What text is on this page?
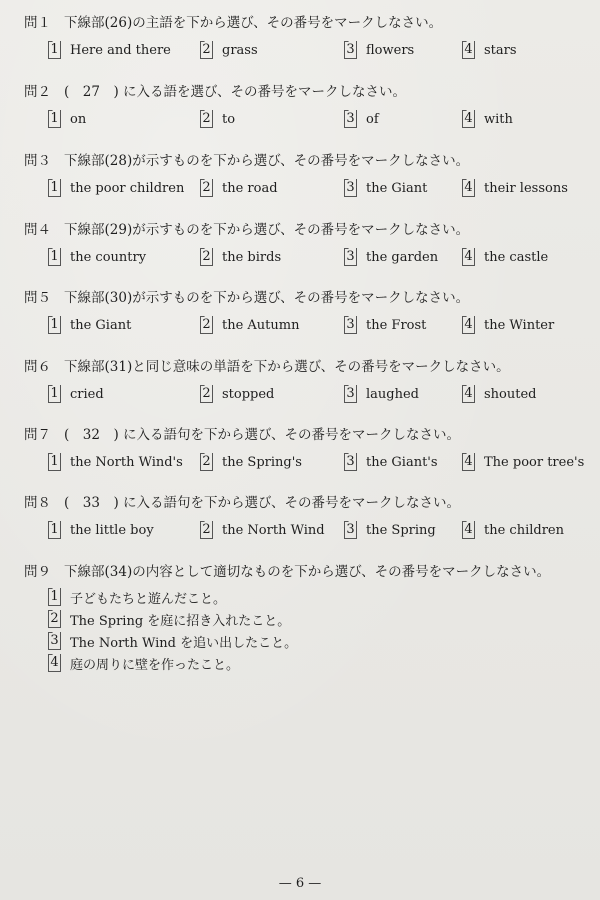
問１ 下線部(26)の主語を下から選び、その番号をマークしなさい。
1 Here and there 2 grass	3 flowers	4 stars
問２ (　27　) に入る語を選び、その番号をマークしなさい。
1 on	2 to	3 of	4 with
問３ 下線部(28)が示すものを下から選び、その番号をマークしなさい。
1 the poor children 2 the road	3 the Giant	4 their lessons
問４ 下線部(29)が示すものを下から選び、その番号をマークしなさい。
1 the country	2 the birds	3 the garden 4 the castle
問５ 下線部(30)が示すものを下から選び、その番号をマークしなさい。
1 the Giant	2 the Autumn	3 the Frost	4 the Winter
問６ 下線部(31)と同じ意味の単語を下から選び、その番号をマークしなさい。
1 cried	2 stopped	3 laughed	4 shouted
問７ (　32　) に入る語句を下から選び、その番号をマークしなさい。
1 the North Wind's 2 the Spring's	3 the Giant's 4 The poor tree's
問８ (　33　) に入る語句を下から選び、その番号をマークしなさい。
1 the little boy	2 the North Wind 3 the Spring 4 the children
問９ 下線部(34)の内容として適切なものを下から選び、その番号をマークしなさい。
1 子どもたちと遊んだこと。
2 The Spring を庭に招き入れたこと。
3 The North Wind を追い出したこと。
4 庭の周りに壁を作ったこと。
— 6 —
